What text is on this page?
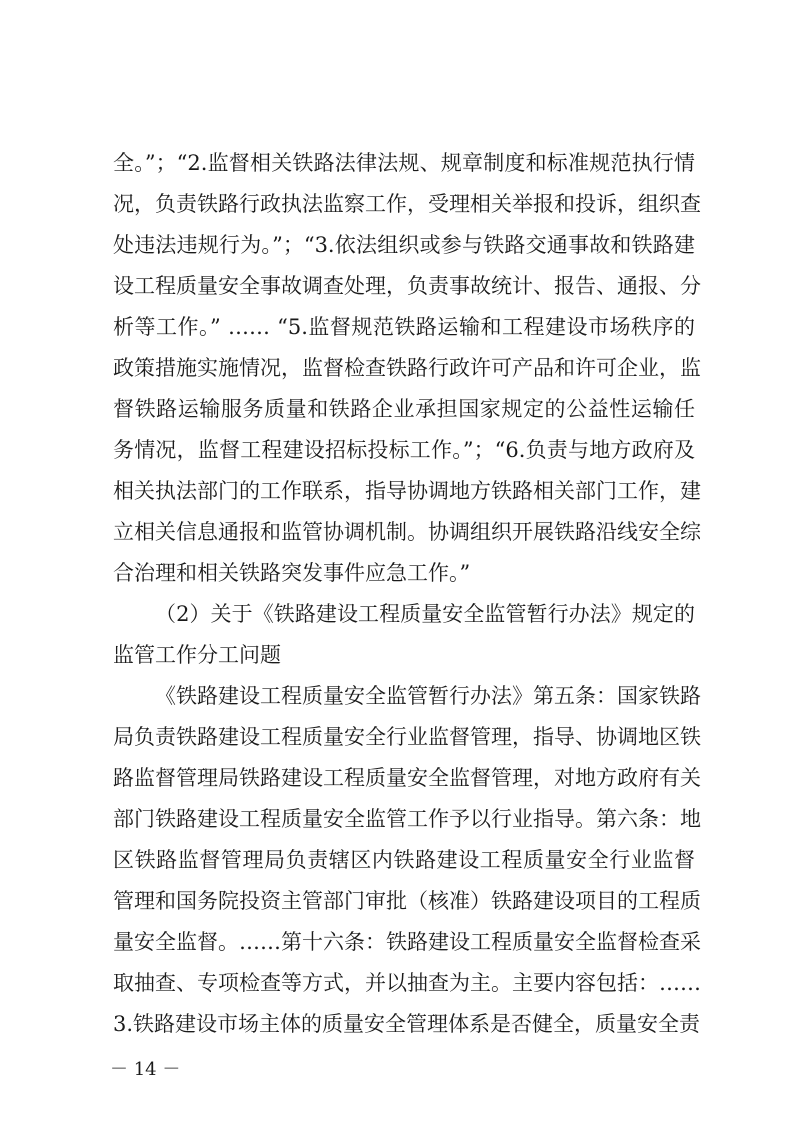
全。”；“2.监督相关铁路法律法规、规章制度和标准规范执行情
况，负责铁路行政执法监察工作，受理相关举报和投诉，组织查
处违法违规行为。”；“3.依法组织或参与铁路交通事故和铁路建
设工程质量安全事故调查处理，负责事故统计、报告、通报、分
析等工作。” …… “5.监督规范铁路运输和工程建设市场秩序的
政策措施实施情况，监督检查铁路行政许可产品和许可企业，监
督铁路运输服务质量和铁路企业承担国家规定的公益性运输任
务情况，监督工程建设招标投标工作。”；“6.负责与地方政府及
相关执法部门的工作联系，指导协调地方铁路相关部门工作，建
立相关信息通报和监管协调机制。协调组织开展铁路沿线安全综
合治理和相关铁路突发事件应急工作。”
（2）关于《铁路建设工程质量安全监管暂行办法》规定的
监管工作分工问题
《铁路建设工程质量安全监管暂行办法》第五条：国家铁路
局负责铁路建设工程质量安全行业监督管理，指导、协调地区铁
路监督管理局铁路建设工程质量安全监督管理，对地方政府有关
部门铁路建设工程质量安全监管工作予以行业指导。第六条：地
区铁路监督管理局负责辖区内铁路建设工程质量安全行业监督
管理和国务院投资主管部门审批（核准）铁路建设项目的工程质
量安全监督。……第十六条：铁路建设工程质量安全监督检查采
取抽查、专项检查等方式，并以抽查为主。主要内容包括：……
3.铁路建设市场主体的质量安全管理体系是否健全，质量安全责
－ 14 －
